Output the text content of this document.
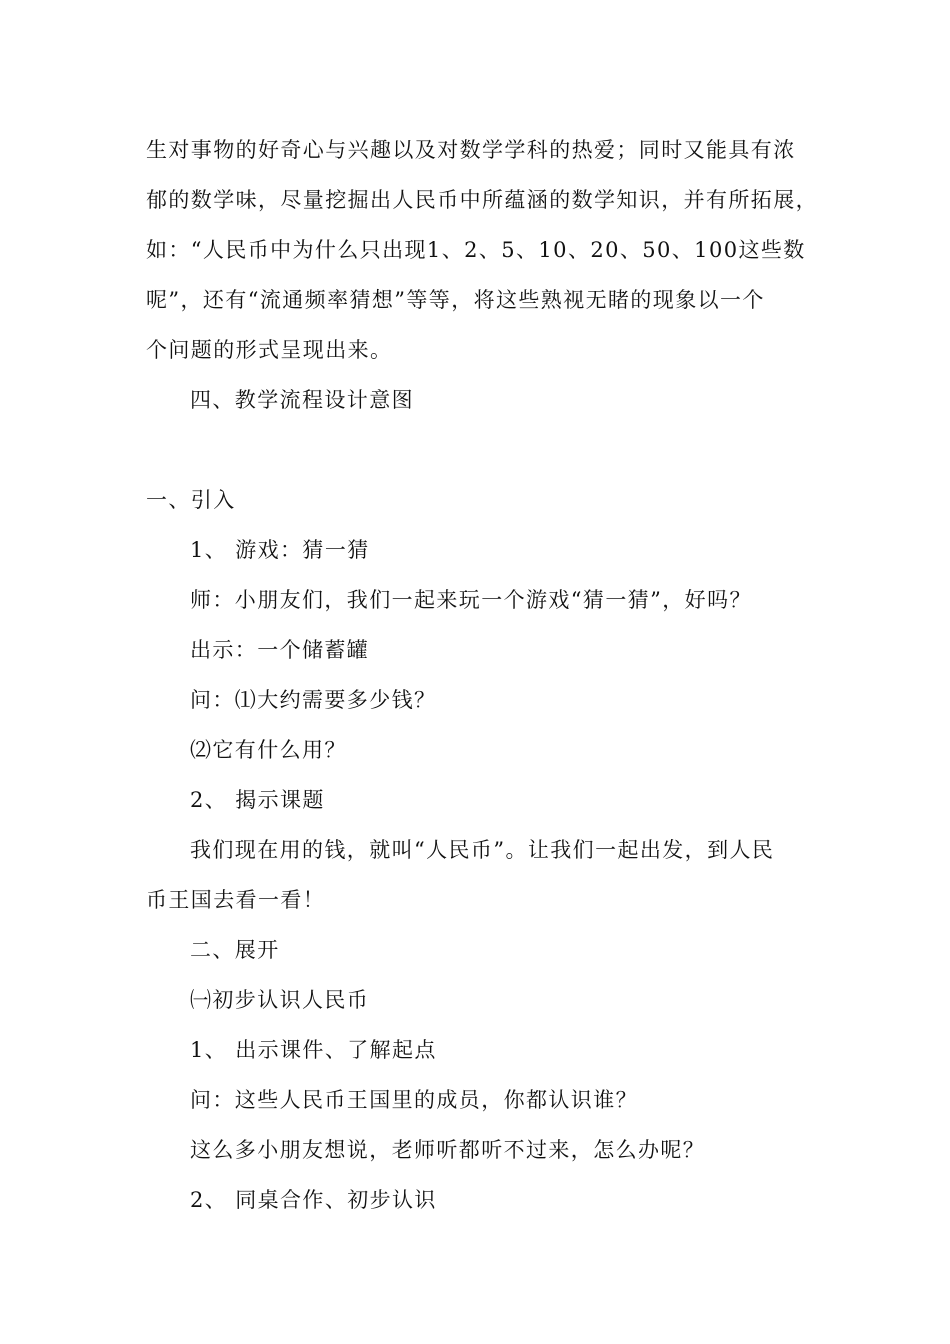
生对事物的好奇心与兴趣以及对数学学科的热爱；同时又能具有浓
郁的数学味，尽量挖掘出人民币中所蕴涵的数学知识，并有所拓展，
如：“人民币中为什么只出现1、2、5、10、20、50、100这些数
呢”，还有“流通频率猜想”等等，将这些熟视无睹的现象以一个
个问题的形式呈现出来。
四、教学流程设计意图
一、引入
1、 游戏：猜一猜
师：小朋友们，我们一起来玩一个游戏“猜一猜”，好吗？
出示：一个储蓄罐
问：⑴大约需要多少钱？
⑵它有什么用？
2、 揭示课题
我们现在用的钱，就叫“人民币”。让我们一起出发，到人民
币王国去看一看！
二、展开
㈠初步认识人民币
1、 出示课件、了解起点
问：这些人民币王国里的成员，你都认识谁？
这么多小朋友想说，老师听都听不过来，怎么办呢？
2、 同桌合作、初步认识
